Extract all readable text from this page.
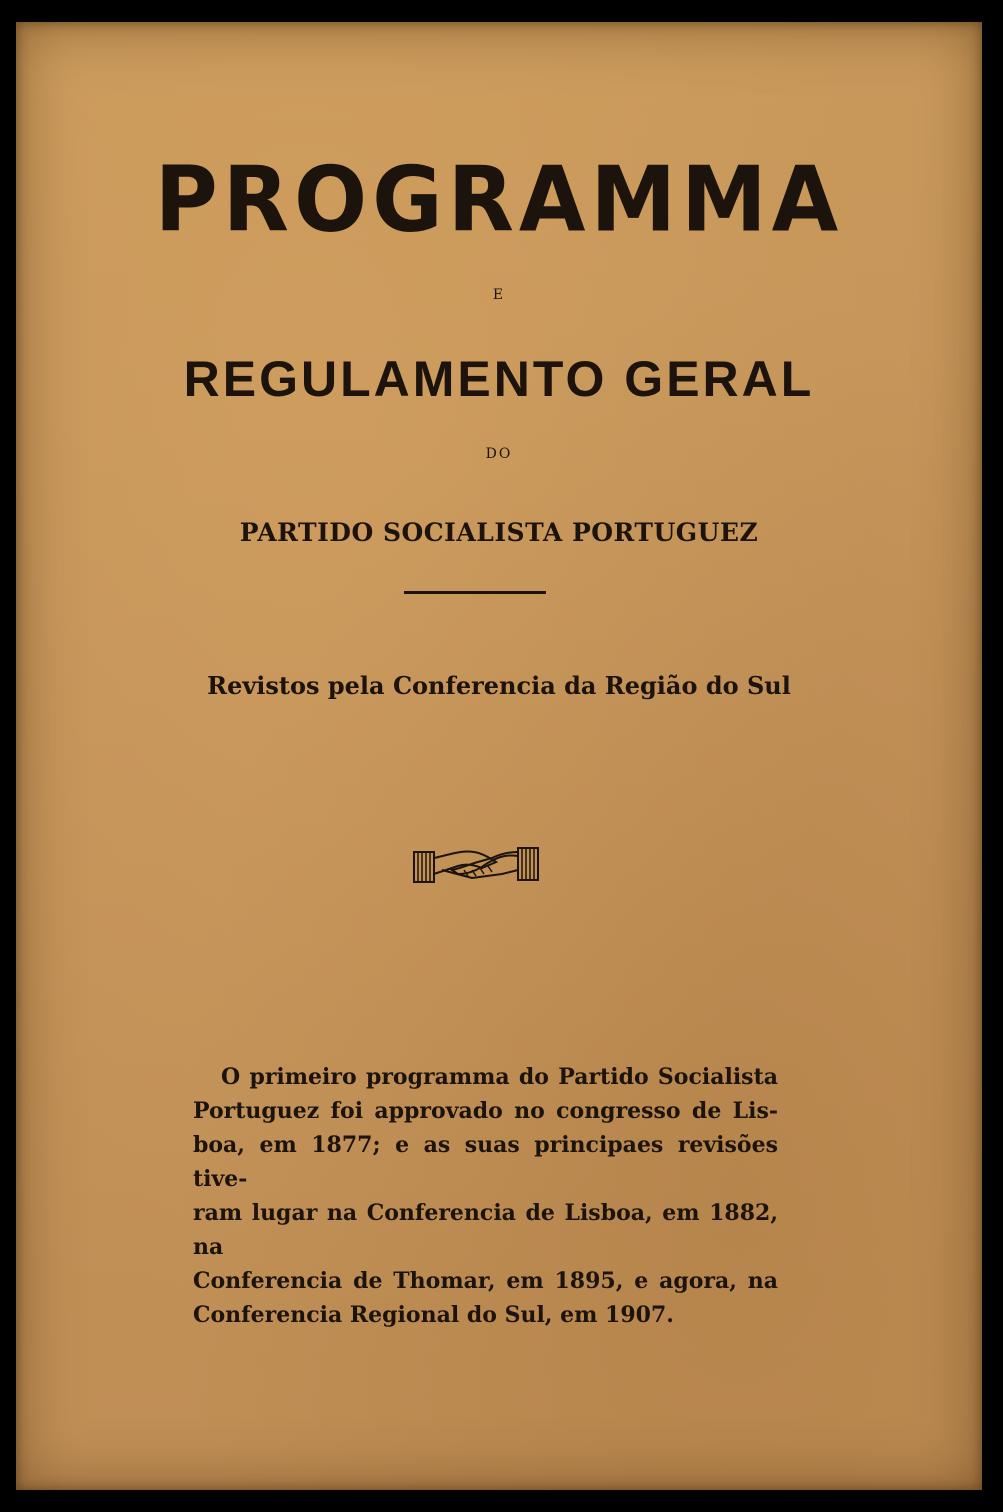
PROGRAMMA
E
REGULAMENTO GERAL
DO
PARTIDO SOCIALISTA PORTUGUEZ
Revistos pela Conferencia da Região do Sul

O primeiro programma do Partido Socialista
Portuguez foi approvado no congresso de Lis-
boa, em 1877; e as suas principaes revisões tive-
ram lugar na Conferencia de Lisboa, em 1882, na
Conferencia de Thomar, em 1895, e agora, na
Conferencia Regional do Sul, em 1907.
